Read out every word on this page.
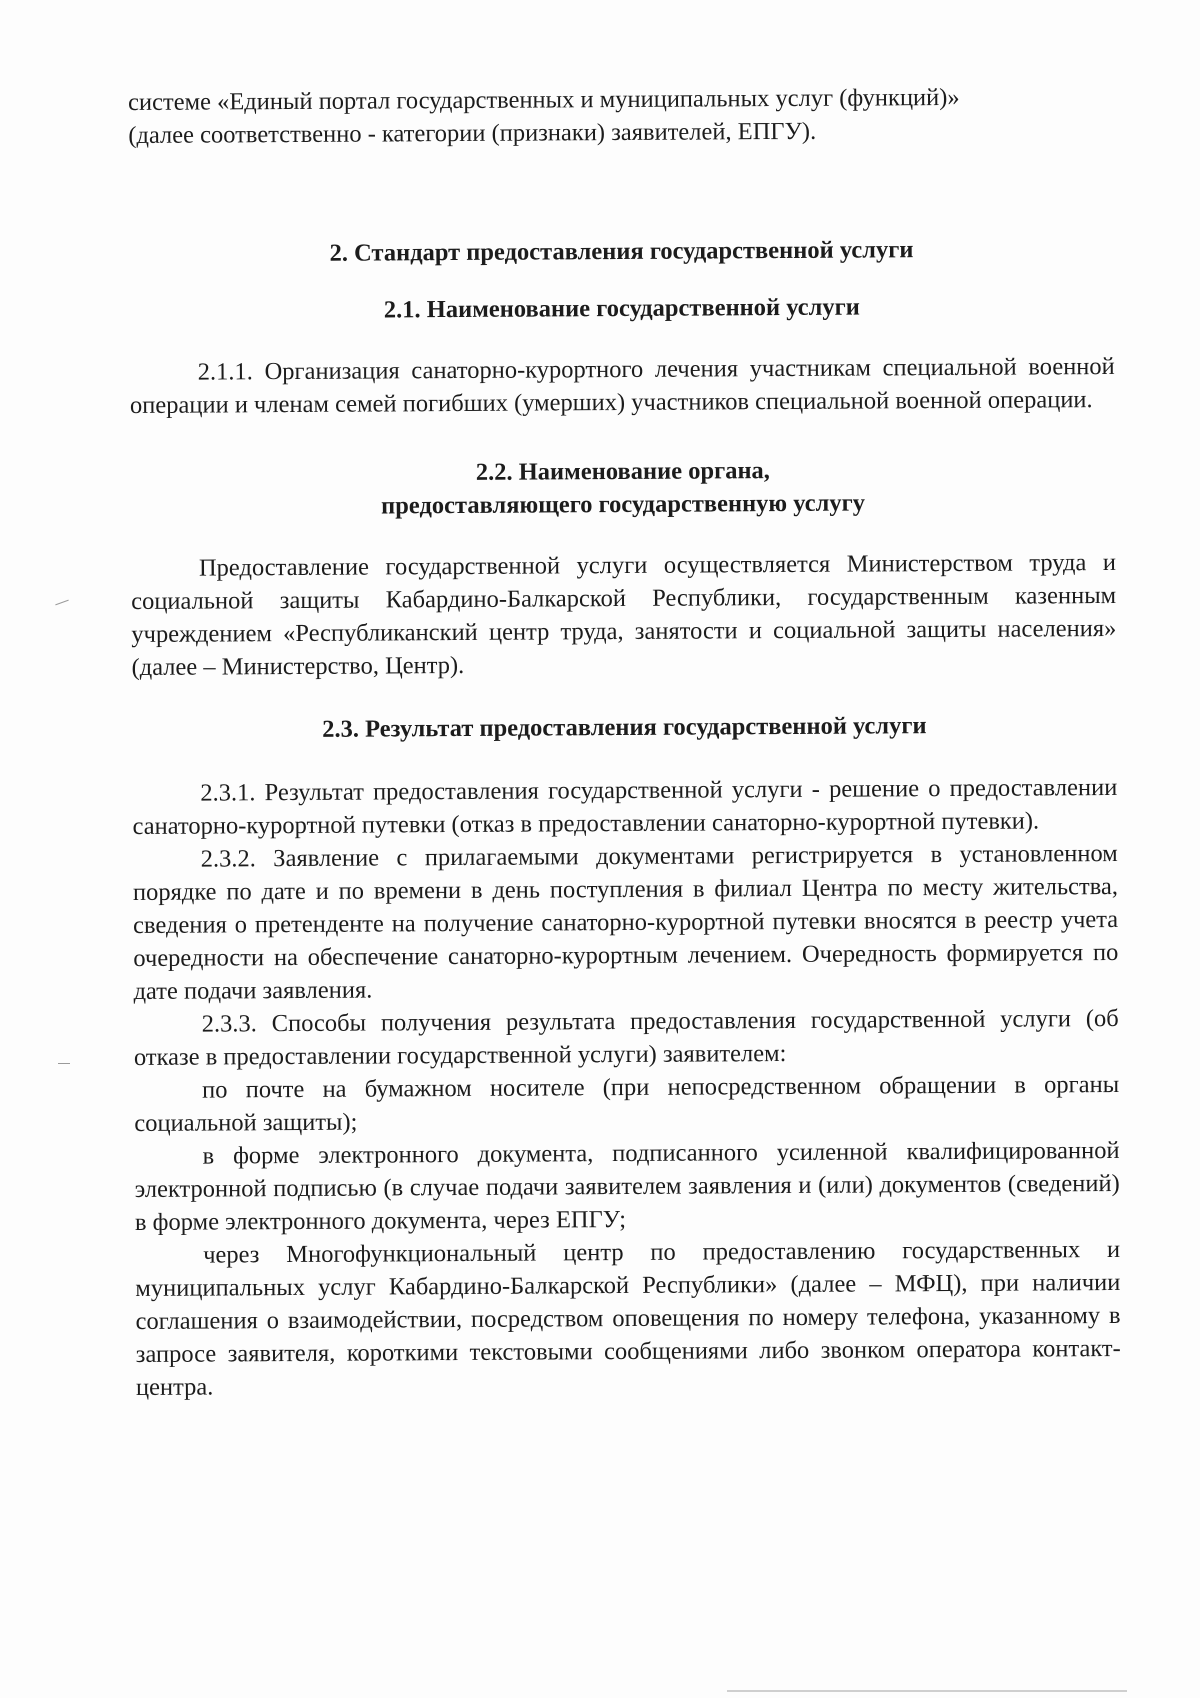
системе «Единый портал государственных и муниципальных услуг (функций)»
(далее соответственно - категории (признаки) заявителей, ЕПГУ).

2. Стандарт предоставления государственной услуги
2.1. Наименование государственной услуги

2.1.1. Организация санаторно-курортного лечения участникам специальной военной операции и членам семей погибших (умерших) участников специальной военной операции.

2.2. Наименование органа,
предоставляющего государственную услугу

Предоставление государственной услуги осуществляется Министерством труда и социальной защиты Кабардино-Балкарской Республики, государственным казенным учреждением «Республиканский центр труда, занятости и социальной защиты населения» (далее – Министерство, Центр).

2.3. Результат предоставления государственной услуги

2.3.1. Результат предоставления государственной услуги - решение о предоставлении санаторно-курортной путевки (отказ в предоставлении санаторно-курортной путевки).

2.3.2. Заявление с прилагаемыми документами регистрируется в установленном порядке по дате и по времени в день поступления в филиал Центра по месту жительства, сведения о претенденте на получение санаторно-курортной путевки вносятся в реестр учета очередности на обеспечение санаторно-курортным лечением. Очередность формируется по дате подачи заявления.

2.3.3. Способы получения результата предоставления государственной услуги (об отказе в предоставлении государственной услуги) заявителем:

по почте на бумажном носителе (при непосредственном обращении в органы социальной защиты);

в форме электронного документа, подписанного усиленной квалифицированной электронной подписью (в случае подачи заявителем заявления и (или) документов (сведений) в форме электронного документа, через ЕПГУ;

через Многофункциональный центр по предоставлению государственных и муниципальных услуг Кабардино-Балкарской Республики» (далее – МФЦ), при наличии соглашения о взаимодействии, посредством оповещения по номеру телефона, указанному в запросе заявителя, короткими текстовыми сообщениями либо звонком оператора контакт-центра.
